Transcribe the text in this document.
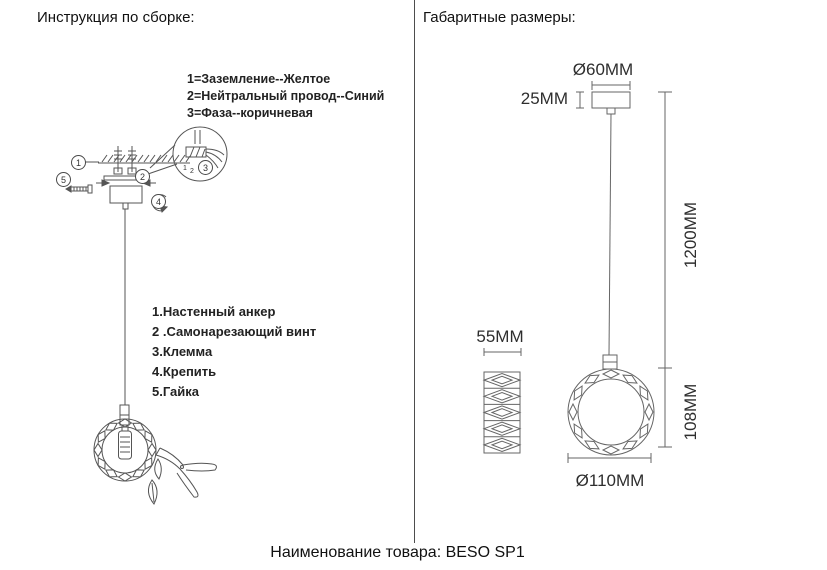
Инструкция по сборке:	Габаритные размеры:
1=Заземление--Желтое
2=Нейтральный провод--Синий
3=Фаза--коричневая
1.Настенный анкер
2 .Самонарезающий винт
3.Клемма
4.Крепить
5.Гайка
1
5	2
3
4
1 2
Ø60MM
25MM
1200MM
108MM
55MM
Ø110MM
Наименование товара: BESO SP1
